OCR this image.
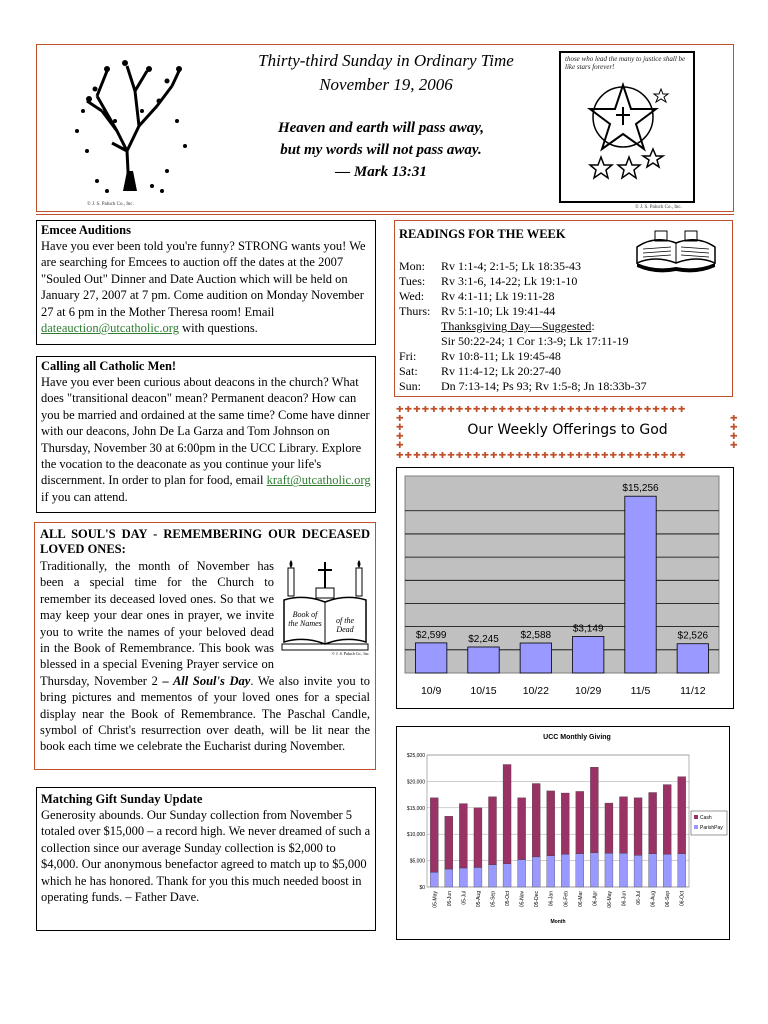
© J. S. Paluch Co., Inc.
Thirty-third Sunday in Ordinary Time
November 19, 2006
Heaven and earth will pass away,
but my words will not pass away.
— Mark 13:31
those who lead the many to justice shall be like stars forever!
© J. S. Paluch Co., Inc.
Emcee Auditions
Have you ever been told you're funny? STRONG wants you! We are searching for Emcees to auction off the dates at the 2007 "Souled Out" Dinner and Date Auction which will be held on January 27, 2007 at 7 pm. Come audition on Monday November 27 at 6 pm in the Mother Theresa room! Email dateauction@utcatholic.org with questions.
Calling all Catholic Men!
Have you ever been curious about deacons in the church? What does "transitional deacon" mean? Permanent deacon? How can you be married and ordained at the same time? Come have dinner with our deacons, John De La Garza and Tom Johnson on Thursday, November 30 at 6:00pm in the UCC Library. Explore the vocation to the deaconate as you continue your life's discernment. In order to plan for food, email kraft@utcatholic.org if you can attend.
ALL SOUL'S DAY - REMEMBERING OUR DECEASED LOVED ONES:
Book of the Names	of the Dead
© J. S. Paluch Co., Inc.
Traditionally, the month of November has been a special time for the Church to remember its deceased loved ones. So that we may keep your dear ones in prayer, we invite you to write the names of your beloved dead in the Book of Remembrance. This book was blessed in a special Evening Prayer service on Thursday, November 2 – All Soul's Day. We also invite you to bring pictures and mementos of your loved ones for a special display near the Book of Remembrance. The Paschal Candle, symbol of Christ's resurrection over death, will be lit near the book each time we celebrate the Eucharist during November.
Matching Gift Sunday Update
Generosity abounds. Our Sunday collection from November 5 totaled over $15,000 – a record high. We never dreamed of such a collection since our average Sunday collection is $2,000 to $4,000. Our anonymous benefactor agreed to match up to $5,000 which he has honored. Thank for you this much needed boost in operating funds. – Father Dave.
READINGS FOR THE WEEK
Mon: Rv 1:1-4; 2:1-5; Lk 18:35-43
Tues: Rv 3:1-6, 14-22; Lk 19:1-10
Wed: Rv 4:1-11; Lk 19:11-28
Thurs: Rv 5:1-10; Lk 19:41-44
Thanksgiving Day—Suggested:
Sir 50:22-24; 1 Cor 1:3-9; Lk 17:11-19
Fri: Rv 10:8-11; Lk 19:45-48
Sat: Rv 11:4-12; Lk 20:27-40
Sun: Dn 7:13-14; Ps 93; Rv 1:5-8; Jn 18:33b-37
✚✚✚✚✚✚✚✚✚✚✚✚✚✚✚✚✚✚✚✚✚✚✚✚✚✚✚✚✚✚✚✚✚✚
✚✚✚✚✚✚✚✚✚✚✚✚✚✚✚✚✚✚✚✚✚✚✚✚✚✚✚✚✚✚✚✚✚✚
✚
✚
✚
✚
✚
✚
✚
✚
Our Weekly Offerings to God
$2,599
10/9
$2,245
10/15
$2,588
10/22
$3,149
10/29
$15,256
11/5
$2,526
11/12
UCC Monthly Giving
$0
$5,000
$10,000
$15,000
$20,000
$25,000
05-May 05-Jun 05-Jul 05-Aug 05-Sep 05-Oct 05-Nov 05-Dec 06-Jan 06-Feb 06-Mar 06-Apr 06-May 06-Jun 06-Jul 06-Aug 06-Sep 06-Oct
Month
Cash
ParishPay
